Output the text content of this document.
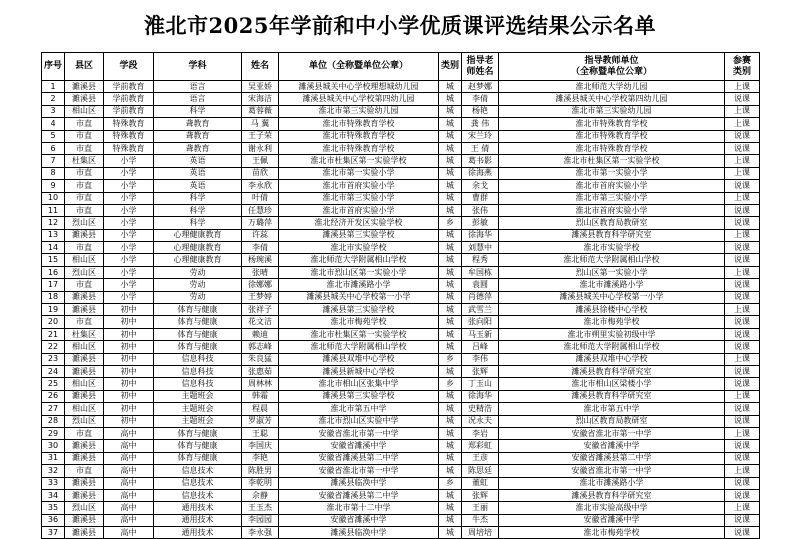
淮北市2025年学前和中小学优质课评选结果公示名单
序号	县区	学段	学科	姓名	单位（全称暨单位公章）	类别	指导老
师姓名	指导教师单位
（全称暨单位公章）	参赛
类别
1	濉溪县	学前教育	语言	吴亚娇	濉溪县城关中心学校理想城幼儿园	城	赵梦娜	淮北师范大学幼儿园	上课
2	濉溪县	学前教育	语言	宋海洁	濉溪县城关中心学校第四幼儿园	城	李倩	濉溪县城关中心学校第四幼儿园	说课
3	相山区	学前教育	科学	葛蓉薇	淮北市第三实验幼儿园	城	杨艳	淮北市第三实验幼儿园	上课
4	市直	特殊教育	聋教育	马 翼	淮北市特殊教育学校	城	龚 伟	淮北市特殊教育学校	上课
5	市直	特殊教育	聋教育	王子荣	淮北市特殊教育学校	城	宋兰玲	淮北市特殊教育学校	说课
6	市直	特殊教育	聋教育	谢永利	淮北市特殊教育学校	城	王 倩	淮北市特殊教育学校	说课
7	杜集区	小学	英语	王佩	淮北市杜集区第一实验学校	城	葛书影	淮北市杜集区第一实验学校	上课
8	市直	小学	英语	苗欣	淮北市第一实验小学	城	徐海燕	淮北市第一实验小学	上课
9	市直	小学	英语	李永欣	淮北市首府实验小学	城	余戈	淮北市首府实验小学	说课
10	市直	小学	科学	叶倩	淮北市第三实验小学	城	曹群	淮北市第三实验小学	上课
11	市直	小学	科学	任慧珍	淮北市首府实验小学	城	张伟	淮北市首府实验小学	说课
12	烈山区	小学	科学	万璐萍	淮北经济开发区实验学校	乡	彭敏	烈山区教育局教研室	说课
13	濉溪县	小学	心理健康教育	许蕊	濉溪县第三实验学校	城	徐海华	濉溪县教育科学研究室	上课
14	市直	小学	心理健康教育	李倩	淮北市实验学校	城	刘慧中	淮北市实验学校	说课
15	相山区	小学	心理健康教育	杨琬溪	淮北师范大学附属相山学校	城	程秀	淮北师范大学附属相山学校	说课
16	烈山区	小学	劳动	张晴	淮北市烈山区第一实验小学	城	牟国栋	烈山区第一实验小学	上课
17	市直	小学	劳动	徐娜娜	淮北市濉溪路小学	城	袁圆	淮北市濉溪路小学	说课
18	濉溪县	小学	劳动	王梦婷	濉溪县城关中心学校第一小学	城	肖德萍	濉溪县城关中心学校第一小学	说课
19	濉溪县	初中	体育与健康	张祥子	濉溪县第三实验学校	城	武雪兰	濉溪县徐楼中心学校	上课
20	市直	初中	体育与健康	花文洁	淮北市梅苑学校	城	张向阳	淮北市梅苑学校	说课
21	杜集区	初中	体育与健康	赖迪	淮北市杜集区第一实验学校	城	马玉新	淮北市朔里实验初级中学	说课
22	相山区	初中	体育与健康	郭志峰	淮北师范大学附属相山学校	城	吕峰	淮北师范大学附属相山学校	说课
23	濉溪县	初中	信息科技	朱良猛	濉溪县双堆中心学校	乡	李伟	濉溪县双堆中心学校	上课
24	濉溪县	初中	信息科技	张惠茹	濉溪县新城中心学校	城	张辉	濉溪县教育科学研究室	说课
25	相山区	初中	信息科技	周林林	淮北市相山区张集中学	乡	丁玉山	淮北市相山区梁楼小学	说课
26	濉溪县	初中	主题班会	韩霜	濉溪县第三实验学校	城	徐海华	濉溪县教育科学研究室	上课
27	相山区	初中	主题班会	程晨	淮北市第五中学	城	史精浩	淮北市第五中学	说课
28	烈山区	初中	主题班会	罗淑芳	淮北市烈山区实验中学	城	况永夫	烈山区教育局教研室	说课
29	市直	高中	体育与健康	王聪	安徽省淮北市第一中学	城	李岩	安徽省淮北市第一中学	上课
30	濉溪县	高中	体育与健康	李国庆	安徽省濉溪中学	城	郑彩虹	安徽省濉溪中学	说课
31	濉溪县	高中	体育与健康	李艳	安徽省濉溪县第二中学	城	王彦	安徽省濉溪县第二中学	说课
32	市直	高中	信息技术	陈胜男	安徽省淮北市第一中学	城	陈思廷	安徽省淮北市第一中学	上课
33	濉溪县	高中	信息技术	李乾明	濉溪县临涣中学	乡	董虹	淮北市濉溪路小学	说课
34	濉溪县	高中	信息技术	佘静	安徽省濉溪县第二中学	城	张辉	濉溪县教育科学研究室	说课
35	烈山区	高中	通用技术	王玉杰	淮北市第十二中学	城	王丽	淮北市实验高级中学	上课
36	濉溪县	高中	通用技术	李园园	安徽省濉溪中学	城	牛杰	安徽省濉溪中学	说课
37	濉溪县	高中	通用技术	李永强	濉溪县临涣中学	城	周培培	淮北市梅苑学校	说课
